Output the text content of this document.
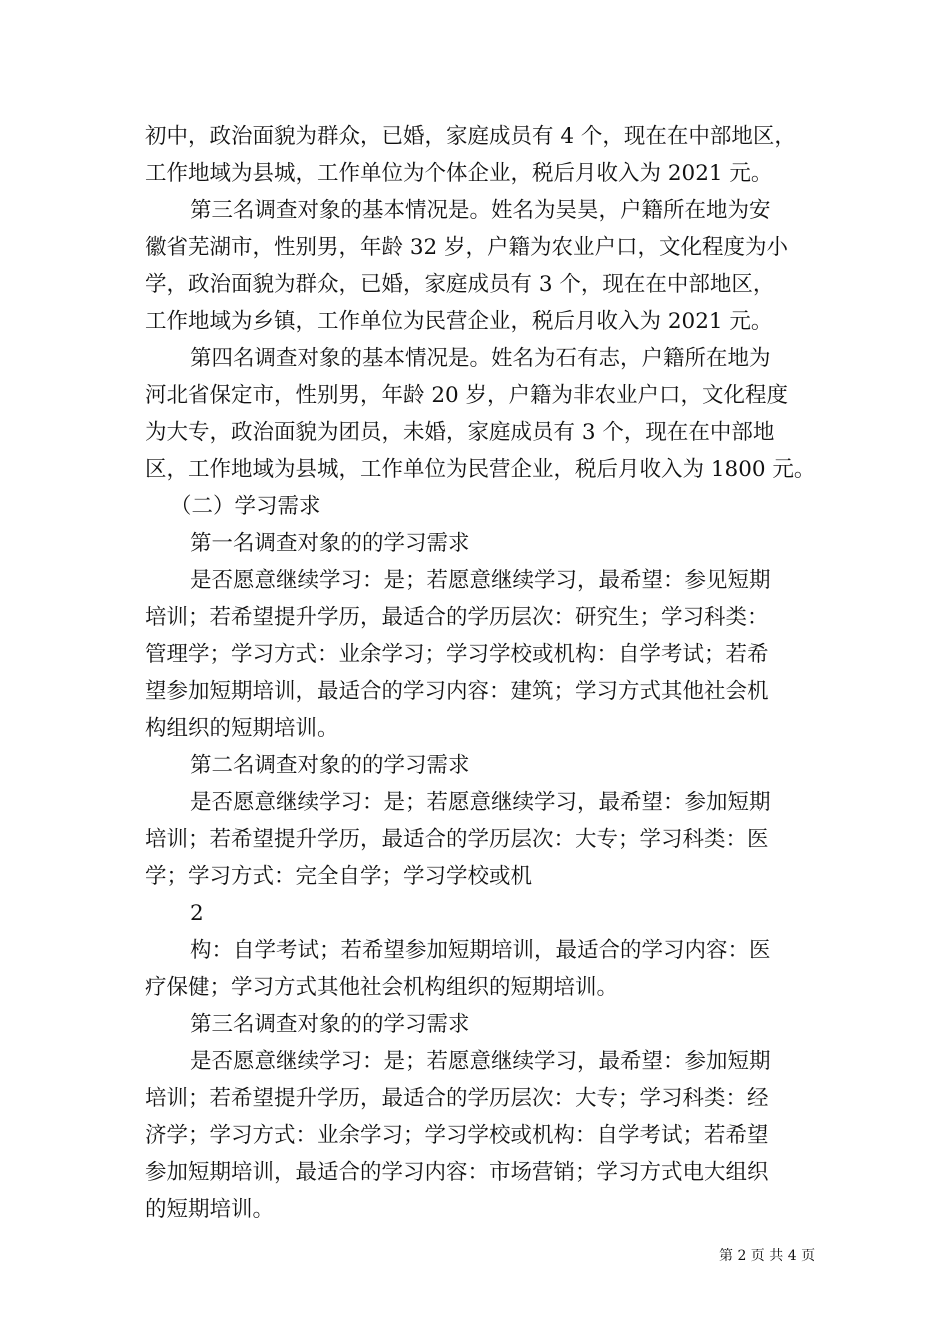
初中，政治面貌为群众，已婚，家庭成员有 4 个，现在在中部地区，
工作地域为县城，工作单位为个体企业，税后月收入为 2021 元。
第三名调查对象的基本情况是。姓名为吴昊，户籍所在地为安
徽省芜湖市，性别男，年龄 32 岁，户籍为农业户口，文化程度为小
学，政治面貌为群众，已婚，家庭成员有 3 个，现在在中部地区，
工作地域为乡镇，工作单位为民营企业，税后月收入为 2021 元。
第四名调查对象的基本情况是。姓名为石有志，户籍所在地为
河北省保定市，性别男，年龄 20 岁，户籍为非农业户口，文化程度
为大专，政治面貌为团员，未婚，家庭成员有 3 个，现在在中部地
区，工作地域为县城，工作单位为民营企业，税后月收入为 1800 元。
（二）学习需求
第一名调查对象的的学习需求
是否愿意继续学习：是；若愿意继续学习，最希望：参见短期
培训；若希望提升学历，最适合的学历层次：研究生；学习科类：
管理学；学习方式：业余学习；学习学校或机构：自学考试；若希
望参加短期培训，最适合的学习内容：建筑；学习方式其他社会机
构组织的短期培训。
第二名调查对象的的学习需求
是否愿意继续学习：是；若愿意继续学习，最希望：参加短期
培训；若希望提升学历，最适合的学历层次：大专；学习科类：医
学；学习方式：完全自学；学习学校或机
2
构：自学考试；若希望参加短期培训，最适合的学习内容：医
疗保健；学习方式其他社会机构组织的短期培训。
第三名调查对象的的学习需求
是否愿意继续学习：是；若愿意继续学习，最希望：参加短期
培训；若希望提升学历，最适合的学历层次：大专；学习科类：经
济学；学习方式：业余学习；学习学校或机构：自学考试；若希望
参加短期培训，最适合的学习内容：市场营销；学习方式电大组织
的短期培训。
第 2 页 共 4 页
